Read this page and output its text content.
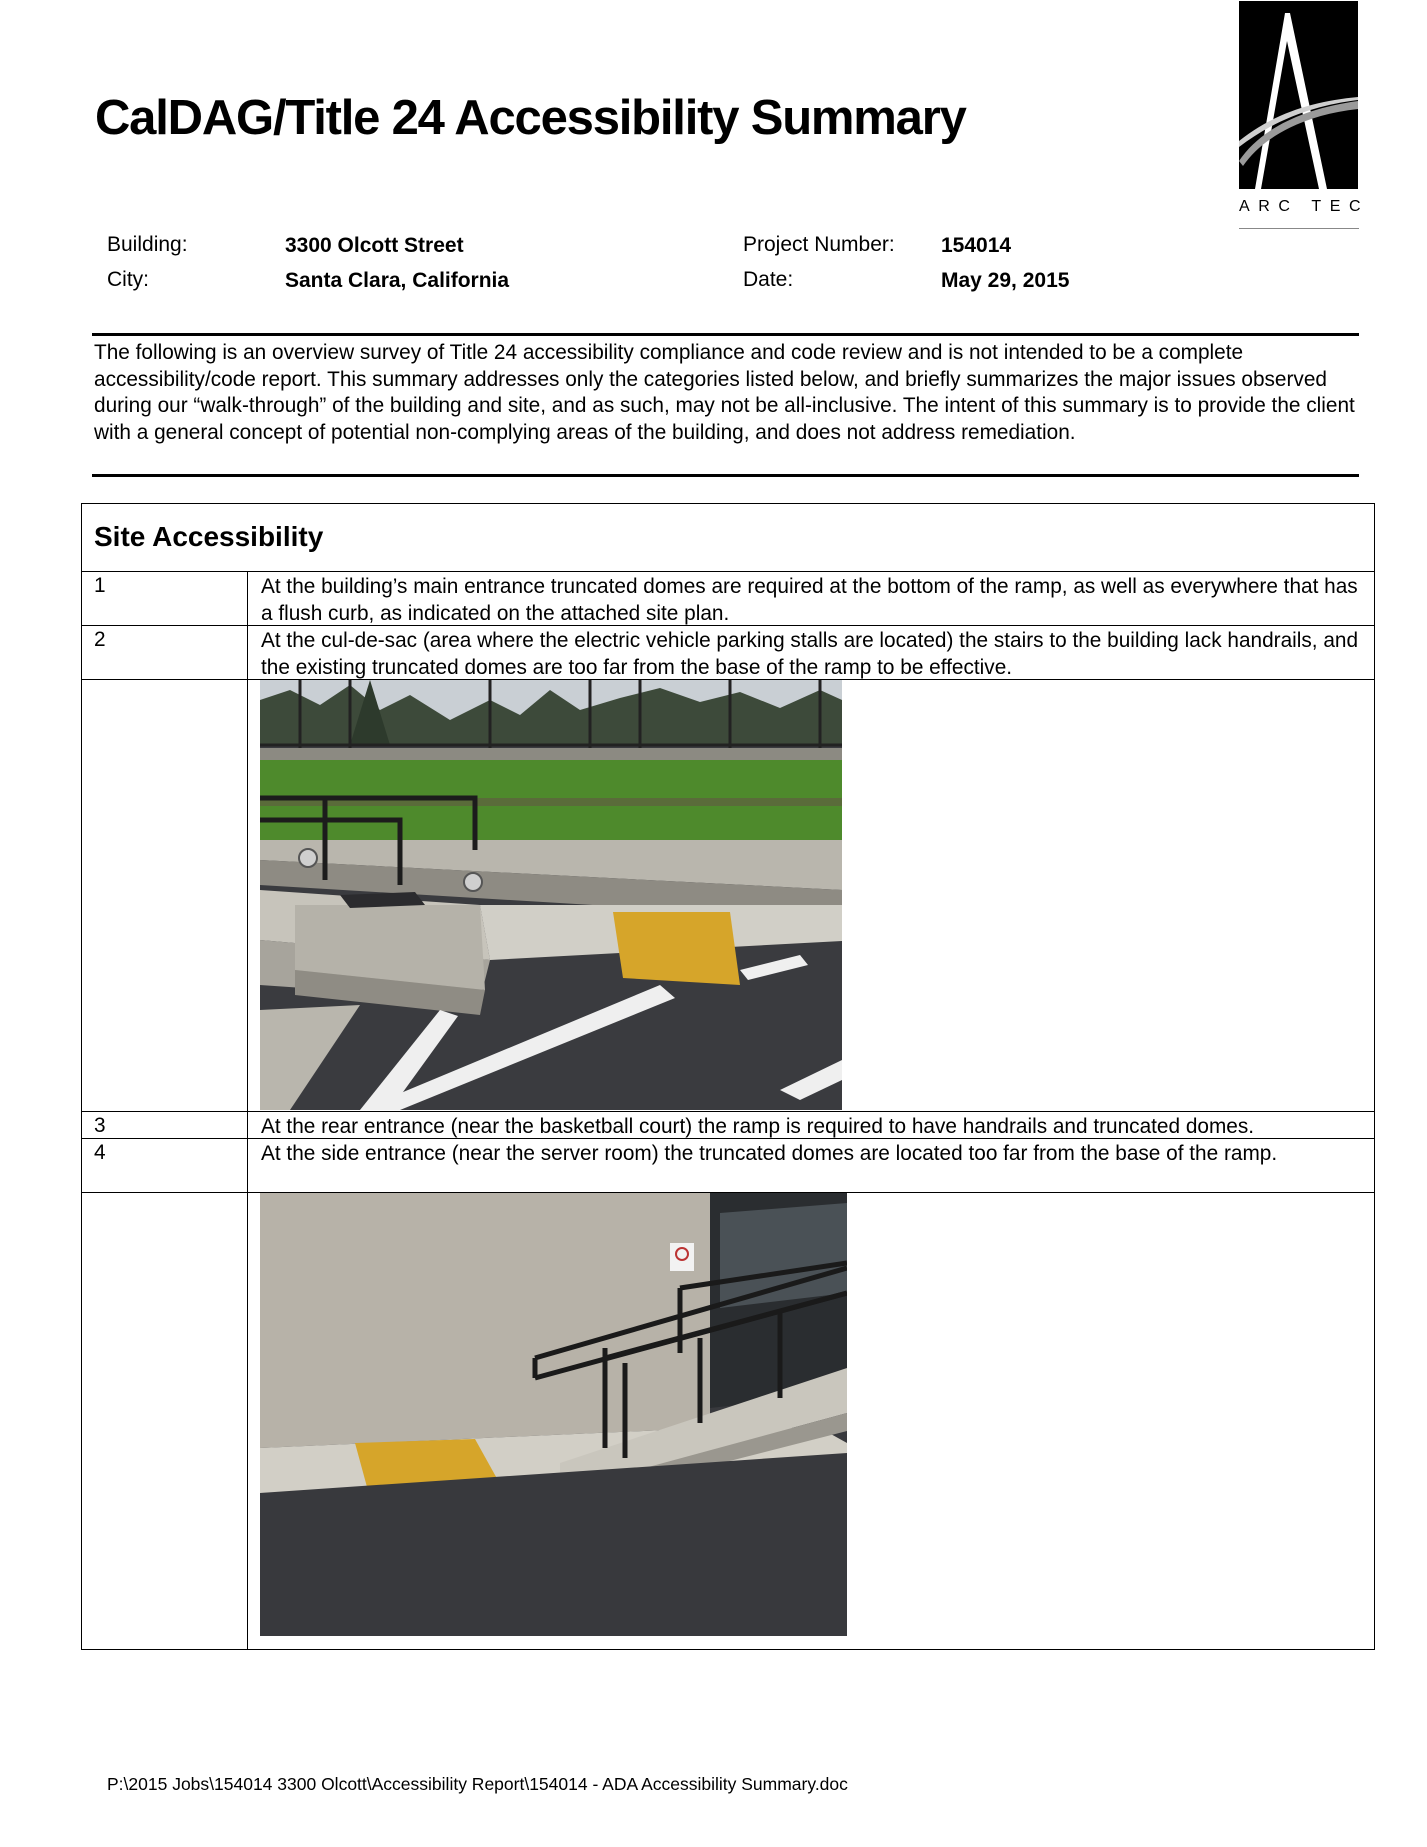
CalDAG/Title 24 Accessibility Summary
ARC TEC
Building:	3300 Olcott Street
City:	Santa Clara, California
Project Number: 154014
Date:	May 29, 2015
The following is an overview survey of Title 24 accessibility compliance and code review and is not intended to be a complete accessibility/code report. This summary addresses only the categories listed below, and briefly summarizes the major issues observed during our “walk-through” of the building and site, and as such, may not be all-inclusive. The intent of this summary is to provide the client with a general concept of potential non-complying areas of the building, and does not address remediation.
Site Accessibility
1	At the building’s main entrance truncated domes are required at the bottom of the ramp, as well as everywhere that has a flush curb, as indicated on the attached site plan.
2	At the cul-de-sac (area where the electric vehicle parking stalls are located) the stairs to the building lack handrails, and the existing truncated domes are too far from the base of the ramp to be effective.
3	At the rear entrance (near the basketball court) the ramp is required to have handrails and truncated domes.
4	At the side entrance (near the server room) the truncated domes are located too far from the base of the ramp.
P:\2015 Jobs\154014 3300 Olcott\Accessibility Report\154014 - ADA Accessibility Summary.doc
